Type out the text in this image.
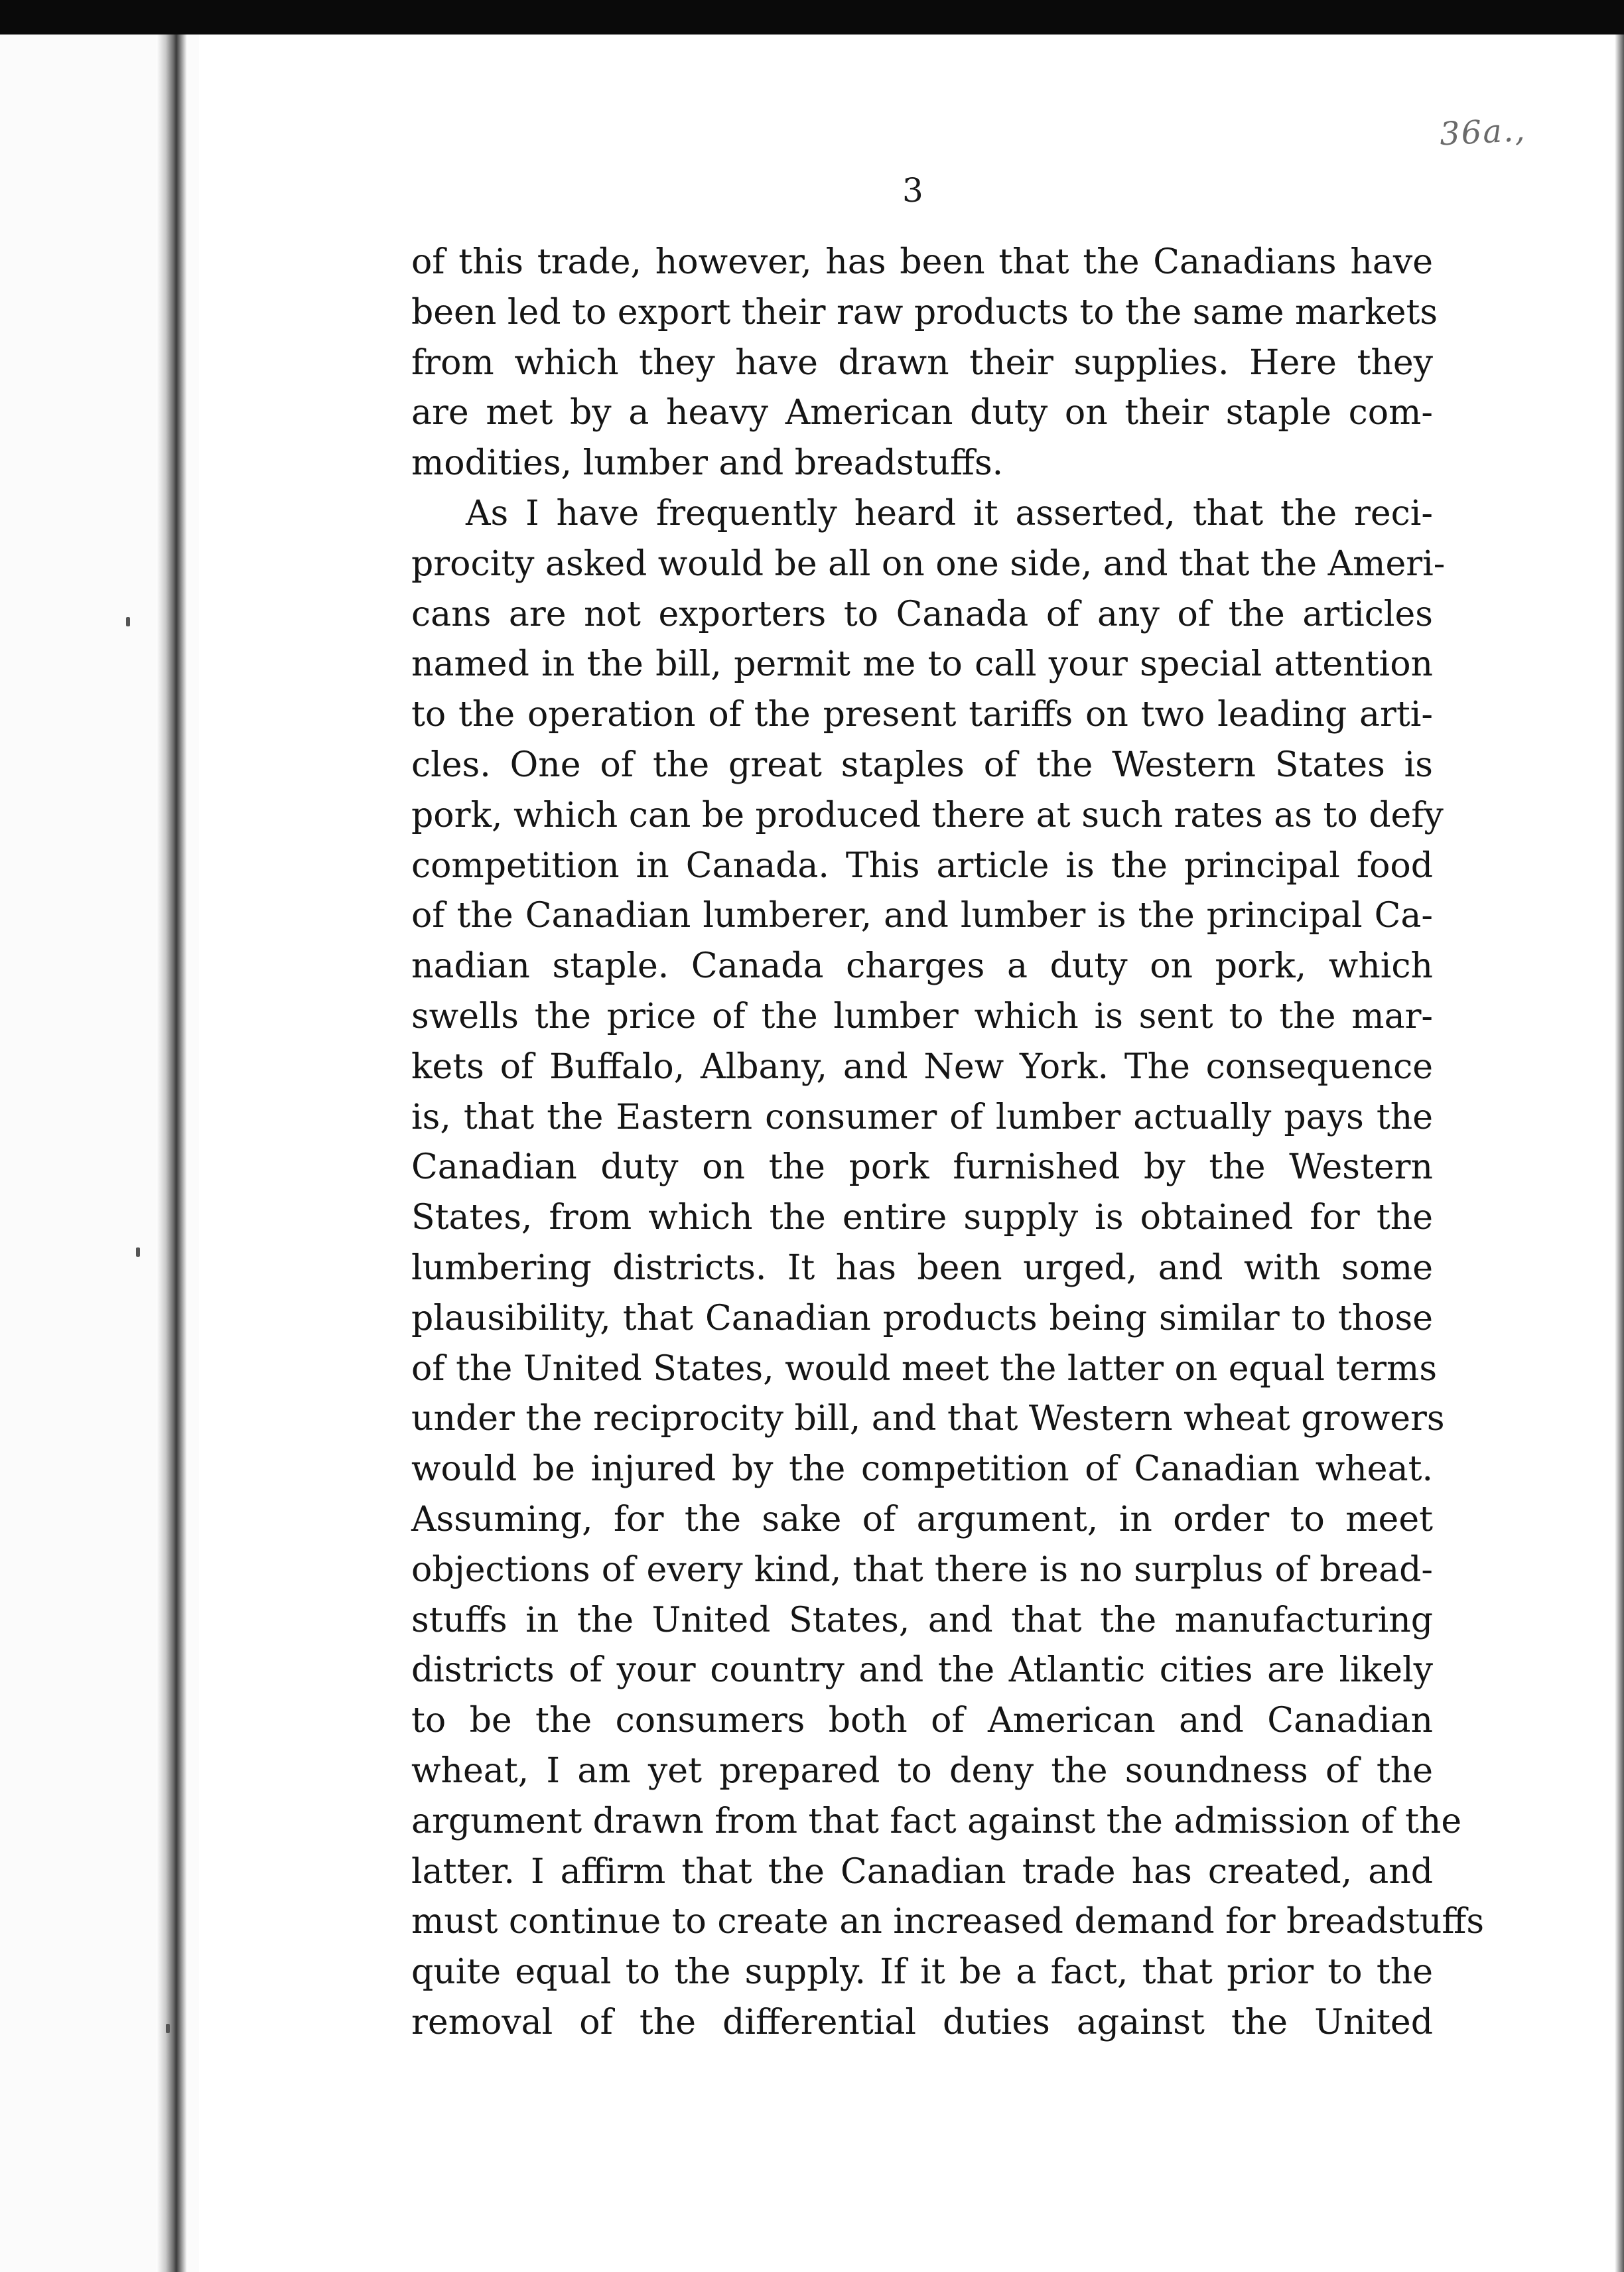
36a.,
3
of this trade, however, has been that the Canadians have
been led to export their raw products to the same markets
from which they have drawn their supplies. Here they
are met by a heavy American duty on their staple com-
modities, lumber and breadstuffs.
As I have frequently heard it asserted, that the reci-
procity asked would be all on one side, and that the Ameri-
cans are not exporters to Canada of any of the articles
named in the bill, permit me to call your special attention
to the operation of the present tariffs on two leading arti-
cles. One of the great staples of the Western States is
pork, which can be produced there at such rates as to defy
competition in Canada. This article is the principal food
of the Canadian lumberer, and lumber is the principal Ca-
nadian staple. Canada charges a duty on pork, which
swells the price of the lumber which is sent to the mar-
kets of Buffalo, Albany, and New York. The consequence
is, that the Eastern consumer of lumber actually pays the
Canadian duty on the pork furnished by the Western
States, from which the entire supply is obtained for the
lumbering districts. It has been urged, and with some
plausibility, that Canadian products being similar to those
of the United States, would meet the latter on equal terms
under the reciprocity bill, and that Western wheat growers
would be injured by the competition of Canadian wheat.
Assuming, for the sake of argument, in order to meet
objections of every kind, that there is no surplus of bread-
stuffs in the United States, and that the manufacturing
districts of your country and the Atlantic cities are likely
to be the consumers both of American and Canadian
wheat, I am yet prepared to deny the soundness of the
argument drawn from that fact against the admission of the
latter. I affirm that the Canadian trade has created, and
must continue to create an increased demand for breadstuffs
quite equal to the supply. If it be a fact, that prior to the
removal of the differential duties against the United
